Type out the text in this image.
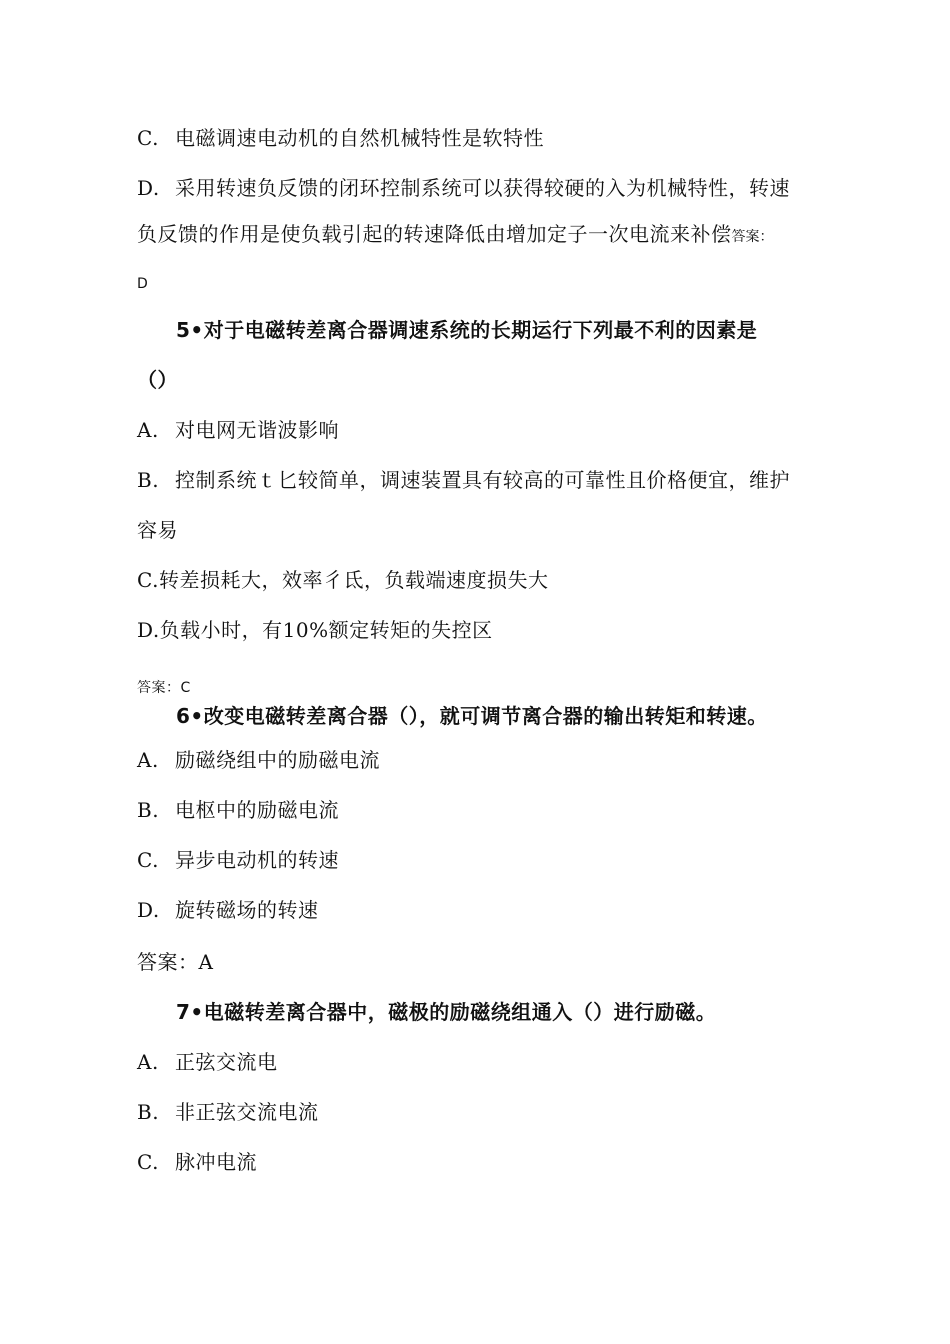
C. 电磁调速电动机的自然机械特性是软特性
D. 采用转速负反馈的闭环控制系统可以获得较硬的入为机械特性，转速
负反馈的作用是使负载引起的转速降低由增加定子一次电流来补偿答案：
D
5•对于电磁转差离合器调速系统的长期运行下列最不利的因素是
（）
A. 对电网无谐波影响
B. 控制系统ｔ匕较简单，调速装置具有较高的可靠性且价格便宜，维护
容易
C.转差损耗大，效率彳氐，负载端速度损失大
D.负载小时，有10%额定转矩的失控区
答案：C
6•改变电磁转差离合器（），就可调节离合器的输出转矩和转速。
A. 励磁绕组中的励磁电流
B. 电枢中的励磁电流
C. 异步电动机的转速
D. 旋转磁场的转速
答案：A
7•电磁转差离合器中，磁极的励磁绕组通入（）进行励磁。
A. 正弦交流电
B. 非正弦交流电流
C. 脉冲电流
